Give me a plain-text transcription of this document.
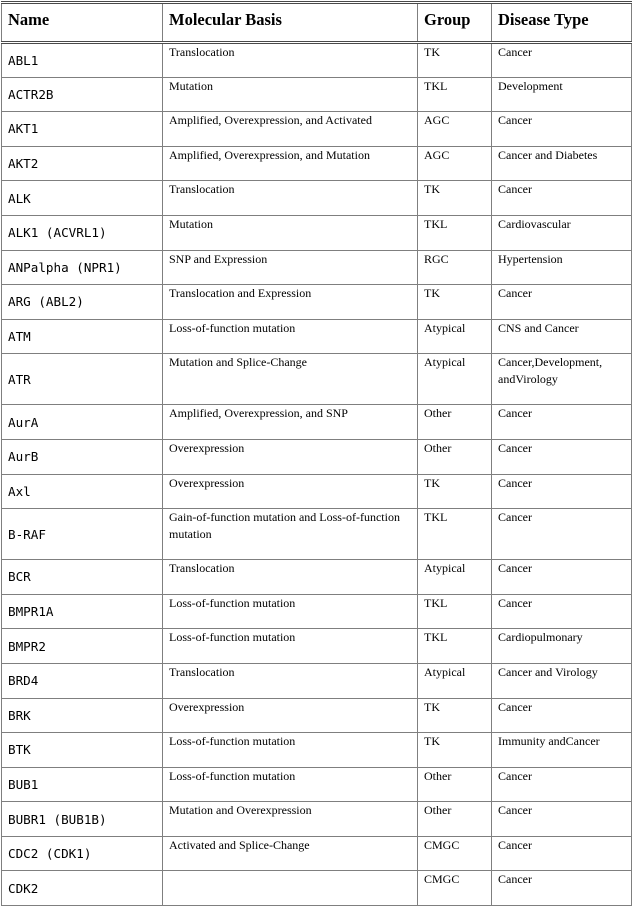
Name	Molecular Basis	Group	Disease Type
ABL1	Translocation	TK	Cancer
ACTR2B	Mutation	TKL	Development
AKT1	Amplified, Overexpression, and Activated	AGC	Cancer
AKT2	Amplified, Overexpression, and Mutation	AGC	Cancer and Diabetes
ALK	Translocation	TK	Cancer
ALK1 (ACVRL1)	Mutation	TKL	Cardiovascular
ANPalpha (NPR1)	SNP and Expression	RGC	Hypertension
ARG (ABL2)	Translocation and Expression	TK	Cancer
ATM	Loss-of-function mutation	Atypical	CNS and Cancer
ATR	Mutation and Splice-Change	Atypical	Cancer,Development, andVirology
AurA	Amplified, Overexpression, and SNP	Other	Cancer
AurB	Overexpression	Other	Cancer
Axl	Overexpression	TK	Cancer
B-RAF	Gain-of-function mutation and Loss-of-function mutation	TKL	Cancer
BCR	Translocation	Atypical	Cancer
BMPR1A	Loss-of-function mutation	TKL	Cancer
BMPR2	Loss-of-function mutation	TKL	Cardiopulmonary
BRD4	Translocation	Atypical	Cancer and Virology
BRK	Overexpression	TK	Cancer
BTK	Loss-of-function mutation	TK	Immunity andCancer
BUB1	Loss-of-function mutation	Other	Cancer
BUBR1 (BUB1B)	Mutation and Overexpression	Other	Cancer
CDC2 (CDK1)	Activated and Splice-Change	CMGC	Cancer
CDK2		CMGC	Cancer
